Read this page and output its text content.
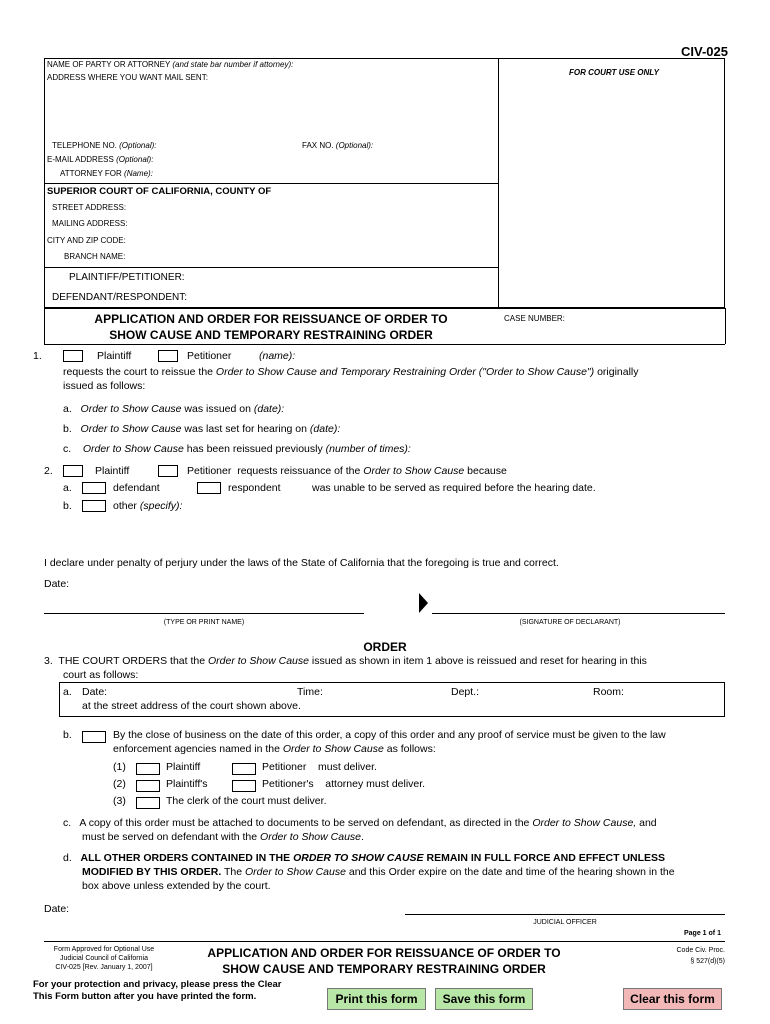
CIV-025
NAME OF PARTY OR ATTORNEY (and state bar number if attorney):
ADDRESS WHERE YOU WANT MAIL SENT:
FOR COURT USE ONLY
TELEPHONE NO. (Optional):	FAX NO. (Optional):
E-MAIL ADDRESS (Optional):
ATTORNEY FOR (Name):
SUPERIOR COURT OF CALIFORNIA, COUNTY OF
STREET ADDRESS:
MAILING ADDRESS:
CITY AND ZIP CODE:
BRANCH NAME:
PLAINTIFF/PETITIONER:
DEFENDANT/RESPONDENT:
APPLICATION AND ORDER FOR REISSUANCE OF ORDER TO
SHOW CAUSE AND TEMPORARY RESTRAINING ORDER
CASE NUMBER:
1.	Plaintiff	Petitioner	(name):
requests the court to reissue the Order to Show Cause and Temporary Restraining Order ("Order to Show Cause") originally
issued as follows:
a. Order to Show Cause was issued on (date):
b. Order to Show Cause was last set for hearing on (date):
c. Order to Show Cause has been reissued previously (number of times):
2.	Plaintiff	Petitioner requests reissuance of the Order to Show Cause because
a.	defendant	respondent	was unable to be served as required before the hearing date.
b.	other (specify):
I declare under penalty of perjury under the laws of the State of California that the foregoing is true and correct.
Date:
(TYPE OR PRINT NAME)	(SIGNATURE OF DECLARANT)
ORDER
3. THE COURT ORDERS that the Order to Show Cause issued as shown in item 1 above is reissued and reset for hearing in this
court as follows:
a. Date:	Time:	Dept.:	Room:
at the street address of the court shown above.
b.	By the close of business on the date of this order, a copy of this order and any proof of service must be given to the law
enforcement agencies named in the Order to Show Cause as follows:
(1)	Plaintiff	Petitioner must deliver.
(2)	Plaintiff's	Petitioner's attorney must deliver.
(3)	The clerk of the court must deliver.
c. A copy of this order must be attached to documents to be served on defendant, as directed in the Order to Show Cause, and
must be served on defendant with the Order to Show Cause.
d. ALL OTHER ORDERS CONTAINED IN THE ORDER TO SHOW CAUSE REMAIN IN FULL FORCE AND EFFECT UNLESS
MODIFIED BY THIS ORDER. The Order to Show Cause and this Order expire on the date and time of the hearing shown in the
box above unless extended by the court.
Date:
JUDICIAL OFFICER
Page 1 of 1
Form Approved for Optional Use
Judicial Council of California
CIV-025 [Rev. January 1, 2007]
APPLICATION AND ORDER FOR REISSUANCE OF ORDER TO
SHOW CAUSE AND TEMPORARY RESTRAINING ORDER
Code Civ. Proc.
§ 527(d)(5)
For your protection and privacy, please press the Clear
This Form button after you have printed the form.	Print this form	Save this form	Clear this form
